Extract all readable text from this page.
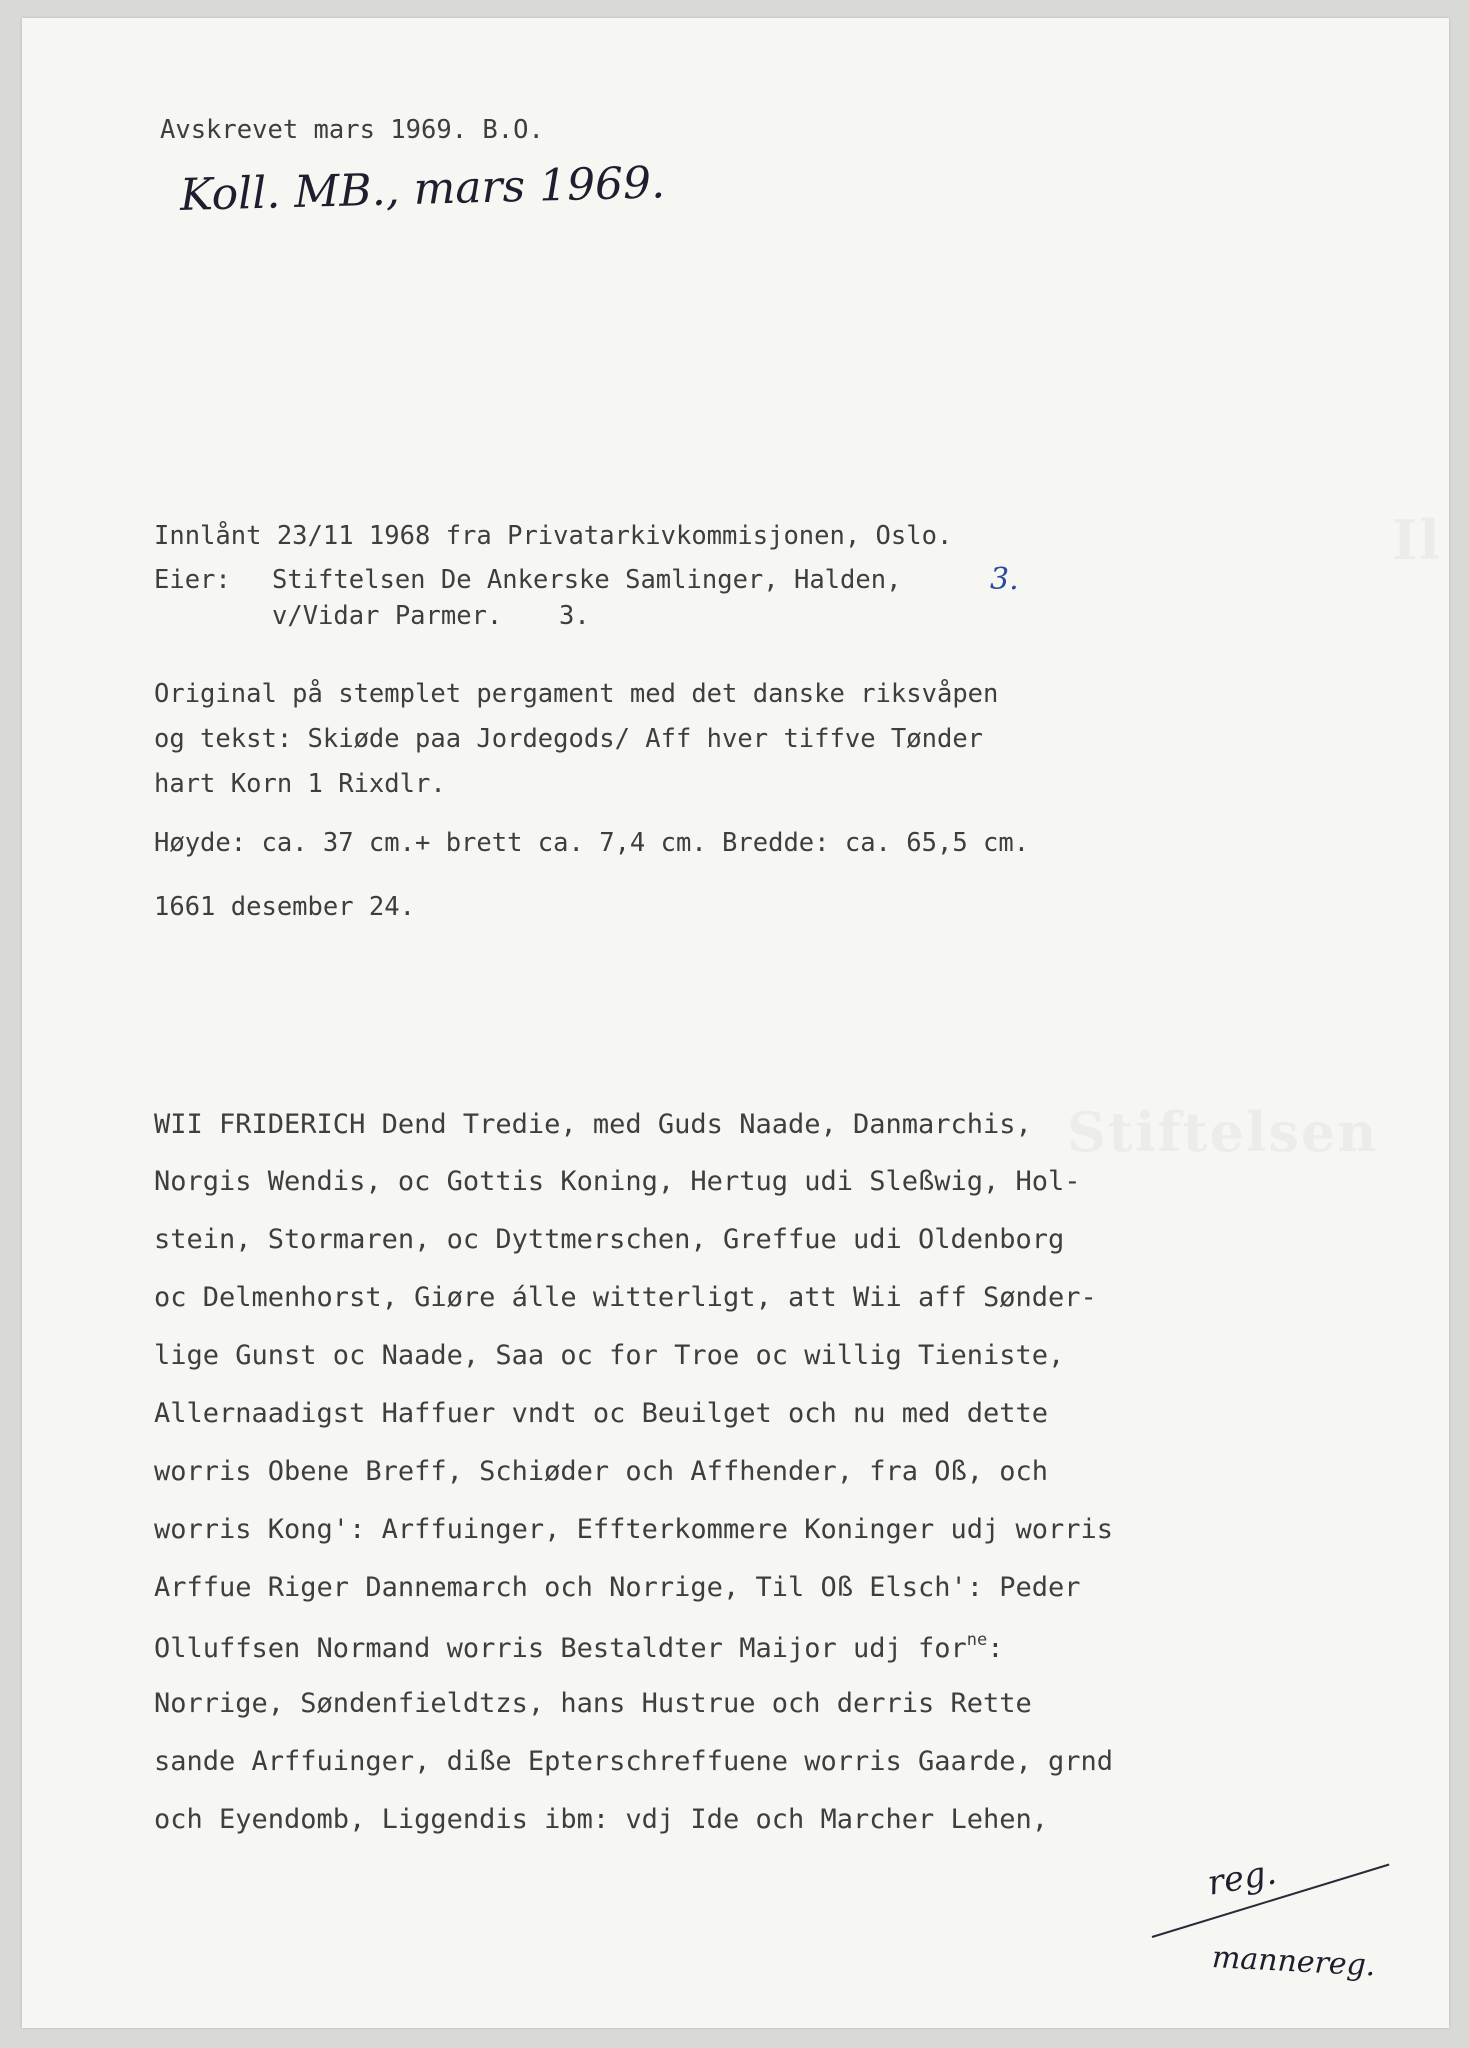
Stiftelsen
Il
Avskrevet mars 1969. B.O.
Koll. MB., mars 1969.
Innlånt 23/11 1968 fra Privatarkivkommisjonen, Oslo.
Eier: Stiftelsen De Ankerske Samlinger, Halden,	3.
v/Vidar Parmer. 3.
Original på stemplet pergament med det danske riksvåpen
og tekst: Skiøde paa Jordegods/ Aff hver tiffve Tønder
hart Korn 1 Rixdlr.
Høyde: ca. 37 cm.+ brett ca. 7,4 cm. Bredde: ca. 65,5 cm.
1661 desember 24.
WII FRIDERICH Dend Tredie, med Guds Naade, Danmarchis,
Norgis Wendis, oc Gottis Koning, Hertug udi Sleßwig, Hol-
stein, Stormaren, oc Dyttmerschen, Greffue udi Oldenborg
oc Delmenhorst, Giøre álle witterligt, att Wii aff Sønder-
lige Gunst oc Naade, Saa oc for Troe oc willig Tieniste,
Allernaadigst Haffuer vndt oc Beuilget och nu med dette
worris Obene Breff, Schiøder och Affhender, fra Oß, och
worris Kong': Arffuinger, Effterkommere Koninger udj worris
Arffue Riger Dannemarch och Norrige, Til Oß Elsch': Peder
Olluffsen Normand worris Bestaldter Maijor udj for$^{ne}$:
Norrige, Søndenfieldtzs, hans Hustrue och derris Rette
sande Arffuinger, diße Epterschreffuene worris Gaarde, grnd
och Eyendomb, Liggendis ibm: vdj Ide och Marcher Lehen,
reg.
mannereg.
